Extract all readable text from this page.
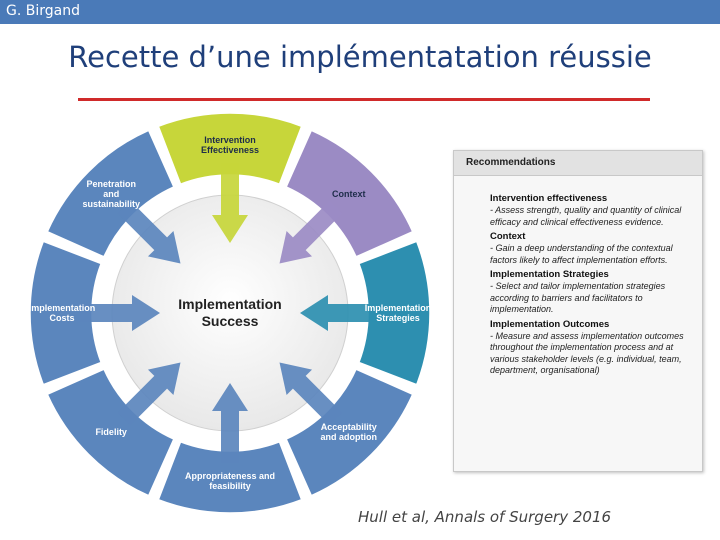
G. Birgand
Recette d’une implémentatation réussie
Implementation
Success
Intervention
Effectiveness
Context
Implementation
Strategies
Acceptability
and adoption
Appropriateness and
feasibility
Fidelity
Implementation
Costs
Penetration
and
sustainability
Recommendations
Intervention effectiveness
- Assess strength, quality and quantity of clinical efficacy and clinical effectiveness evidence.
Context
- Gain a deep understanding of the contextual factors likely to affect implementation efforts.
Implementation Strategies
- Select and tailor implementation strategies according to barriers and facilitators to implementation.
Implementation Outcomes
- Measure and assess implementation outcomes throughout the implementation process and at various stakeholder levels (e.g. individual, team, department, organisational)
Hull et al, Annals of Surgery 2016
